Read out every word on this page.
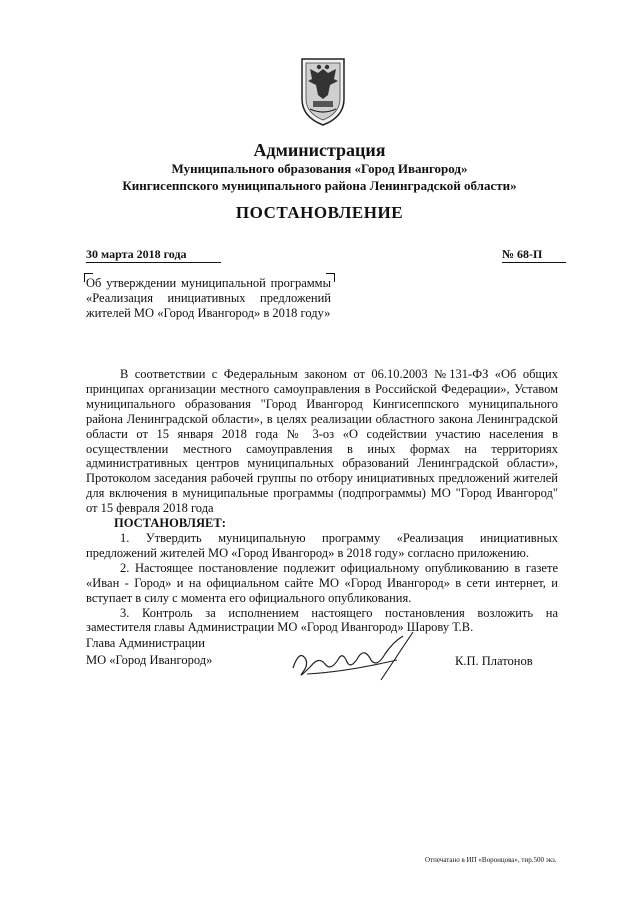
Администрация
Муниципального образования «Город Ивангород»
Кингисеппского муниципального района Ленинградской области»
ПОСТАНОВЛЕНИЕ
30 марта 2018 года	№ 68-П
Об утверждении муниципальной программы «Реализация инициативных предложений жителей МО «Город Ивангород» в 2018 году»

В соответствии с Федеральным законом от 06.10.2003 №131-ФЗ «Об общих принципах организации местного самоуправления в Российской Федерации», Уставом муниципального образования "Город Ивангород Кингисеппского муниципального района Ленинградской области», в целях реализации областного закона Ленинградской области от 15 января 2018 года № 3-оз «О содействии участию населения в осуществлении местного самоуправления в иных формах на территориях административных центров муниципальных образований Ленинградской области», Протоколом заседания рабочей группы по отбору инициативных предложений жителей для включения в муниципальные программы (подпрограммы) МО "Город Ивангород" от 15 февраля 2018 года

ПОСТАНОВЛЯЕТ:

1. Утвердить муниципальную программу «Реализация инициативных предложений жителей МО «Город Ивангород» в 2018 году» согласно приложению.

2. Настоящее постановление подлежит официальному опубликованию в газете «Иван - Город» и на официальном сайте МО «Город Ивангород» в сети интернет, и вступает в силу с момента его официального опубликования.

3. Контроль за исполнением настоящего постановления возложить на заместителя главы Администрации МО «Город Ивангород» Шарову Т.В.

Глава Администрации
МО «Город Ивангород»	К.П. Платонов
Отпечатано в ИП «Воронцова», тир.500 экз.
